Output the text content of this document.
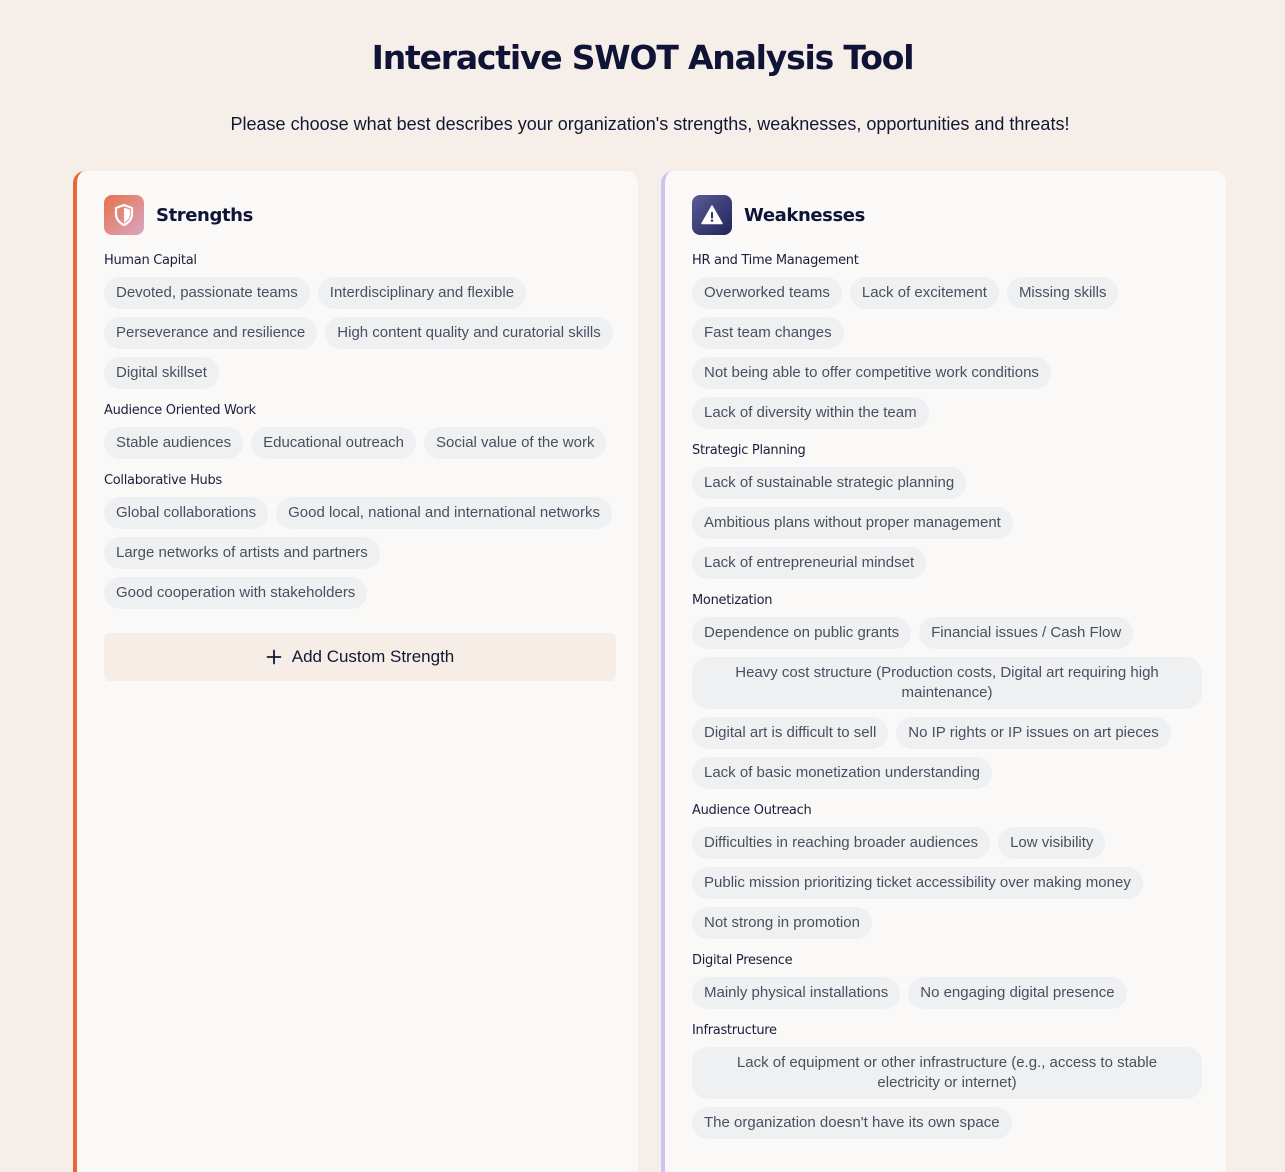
Interactive SWOT Analysis Tool

Please choose what best describes your organization's strengths, weaknesses, opportunities and threats!

Strengths
Human Capital
Devoted, passionate teams	Interdisciplinary and flexible
Perseverance and resilience	High content quality and curatorial skills
Digital skillset
Audience Oriented Work
Stable audiences	Educational outreach	Social value of the work
Collaborative Hubs
Global collaborations	Good local, national and international networks
Large networks of artists and partners
Good cooperation with stakeholders
Add Custom Strength
Weaknesses
HR and Time Management
Overworked teams	Lack of excitement	Missing skills
Fast team changes
Not being able to offer competitive work conditions
Lack of diversity within the team
Strategic Planning
Lack of sustainable strategic planning
Ambitious plans without proper management
Lack of entrepreneurial mindset
Monetization
Dependence on public grants	Financial issues / Cash Flow
Heavy cost structure (Production costs, Digital art requiring high maintenance)
Digital art is difficult to sell	No IP rights or IP issues on art pieces
Lack of basic monetization understanding
Audience Outreach
Difficulties in reaching broader audiences	Low visibility
Public mission prioritizing ticket accessibility over making money
Not strong in promotion
Digital Presence
Mainly physical installations	No engaging digital presence
Infrastructure
Lack of equipment or other infrastructure (e.g., access to stable electricity or internet)
The organization doesn't have its own space
